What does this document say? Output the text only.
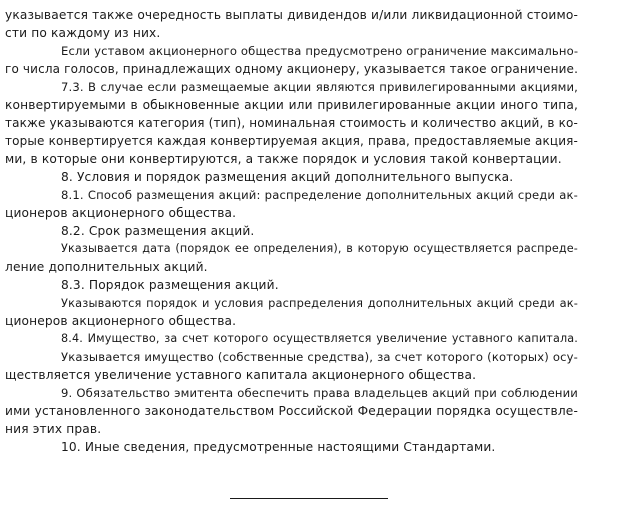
указывается также очередность выплаты дивидендов и/или ликвидационной стоимо-
сти по каждому из них.
Если уставом акционерного общества предусмотрено ограничение максимально-
го числа голосов, принадлежащих одному акционеру, указывается такое ограничение.
7.3. В случае если размещаемые акции являются привилегированными акциями,
конвертируемыми в обыкновенные акции или привилегированные акции иного типа,
также указываются категория (тип), номинальная стоимость и количество акций, в ко-
торые конвертируется каждая конвертируемая акция, права, предоставляемые акция-
ми, в которые они конвертируются, а также порядок и условия такой конвертации.
8. Условия и порядок размещения акций дополнительного выпуска.
8.1. Способ размещения акций: распределение дополнительных акций среди ак-
ционеров акционерного общества.
8.2. Срок размещения акций.
Указывается дата (порядок ее определения), в которую осуществляется распреде-
ление дополнительных акций.
8.3. Порядок размещения акций.
Указываются порядок и условия распределения дополнительных акций среди ак-
ционеров акционерного общества.
8.4. Имущество, за счет которого осуществляется увеличение уставного капитала.
Указывается имущество (собственные средства), за счет которого (которых) осу-
ществляется увеличение уставного капитала акционерного общества.
9. Обязательство эмитента обеспечить права владельцев акций при соблюдении
ими установленного законодательством Российской Федерации порядка осуществле-
ния этих прав.
10. Иные сведения, предусмотренные настоящими Стандартами.
